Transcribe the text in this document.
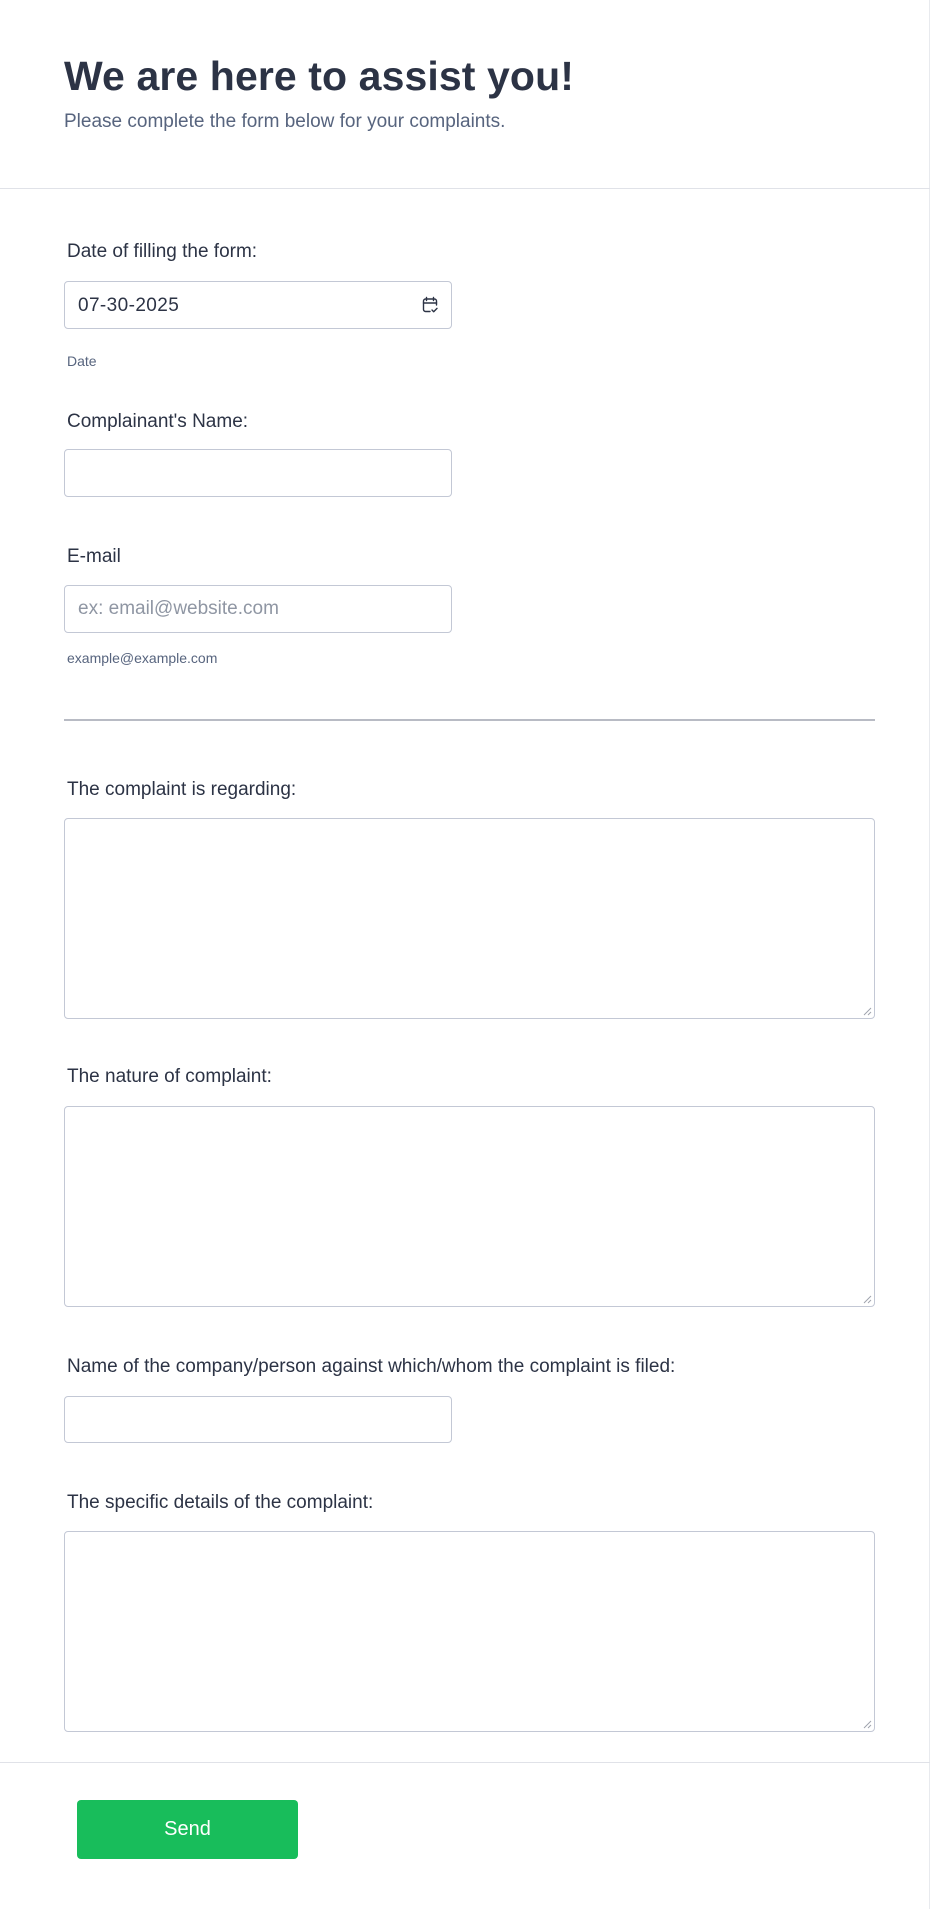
We are here to assist you!
Please complete the form below for your complaints.
Date of filling the form:
07-30-2025
Date
Complainant's Name:
E-mail
ex: email@website.com
example@example.com
The complaint is regarding:
The nature of complaint:
Name of the company/person against which/whom the complaint is filed:
The specific details of the complaint:
Send
